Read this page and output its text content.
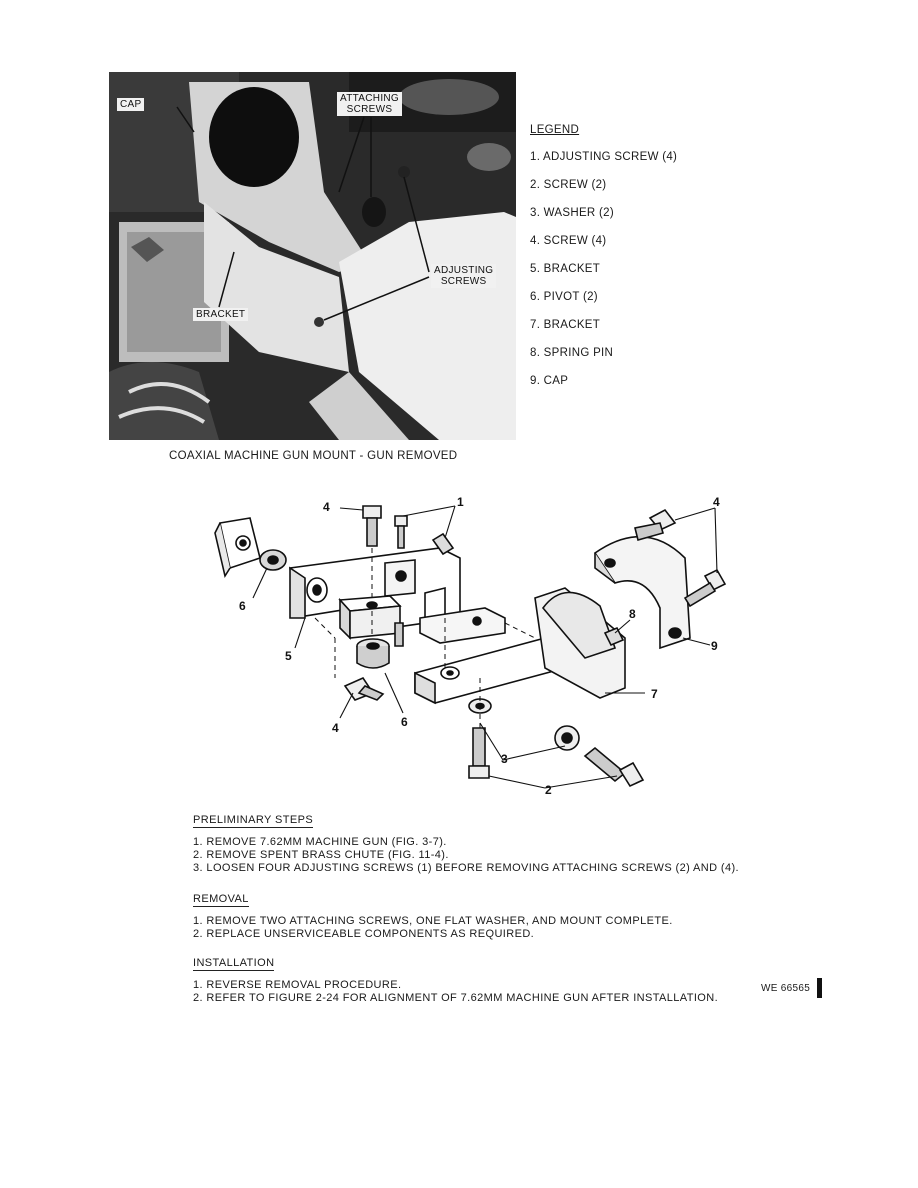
CAP
ATTACHING
SCREWS
ADJUSTING
SCREWS
BRACKET
LEGEND
1. ADJUSTING SCREW (4)
2. SCREW (2)
3. WASHER (2)
4. SCREW (4)
5. BRACKET
6. PIVOT (2)
7. BRACKET
8. SPRING PIN
9. CAP
COAXIAL MACHINE GUN MOUNT - GUN REMOVED
1
4	4
6
5
6
4
3
2
7
8
9
PRELIMINARY STEPS
1. REMOVE 7.62MM MACHINE GUN (FIG. 3-7).
2. REMOVE SPENT BRASS CHUTE (FIG. 11-4).
3. LOOSEN FOUR ADJUSTING SCREWS (1) BEFORE REMOVING ATTACHING SCREWS (2) AND (4).
REMOVAL
1. REMOVE TWO ATTACHING SCREWS, ONE FLAT WASHER, AND MOUNT COMPLETE.
2. REPLACE UNSERVICEABLE COMPONENTS AS REQUIRED.
INSTALLATION
1. REVERSE REMOVAL PROCEDURE.
2. REFER TO FIGURE 2-24 FOR ALIGNMENT OF 7.62MM MACHINE GUN AFTER INSTALLATION.
WE 66565
